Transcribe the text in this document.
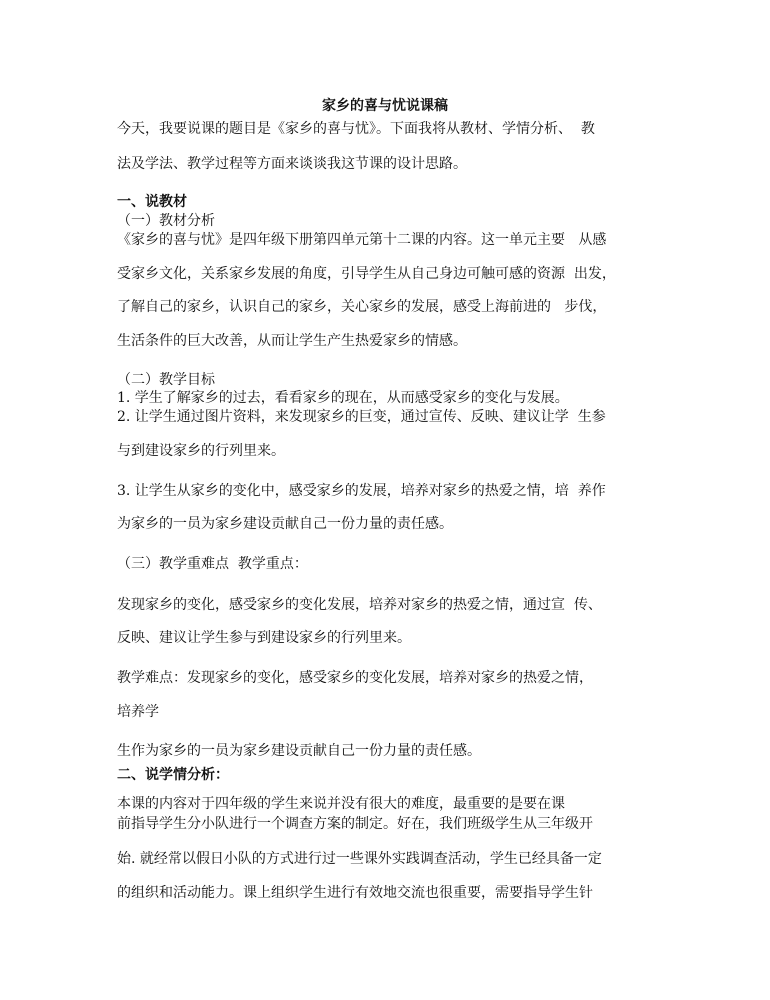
家乡的喜与忧说课稿
今天，我要说课的题目是《家乡的喜与忧》。下面我将从教材、学情分析、  教
法及学法、教学过程等方面来谈谈我这节课的设计思路。
一、说教材
（一）教材分析
《家乡的喜与忧》是四年级下册第四单元第十二课的内容。这一单元主要   从感
受家乡文化，关系家乡发展的角度，引导学生从自己身边可触可感的资源  出发，
了解自己的家乡，认识自己的家乡，关心家乡的发展，感受上海前进的   步伐，
生活条件的巨大改善，从而让学生产生热爱家乡的情感。
（二）教学目标
1. 学生了解家乡的过去，看看家乡的现在，从而感受家乡的变化与发展。
2. 让学生通过图片资料，来发现家乡的巨变，通过宣传、反映、建议让学  生参
与到建设家乡的行列里来。
3. 让学生从家乡的变化中，感受家乡的发展，培养对家乡的热爱之情，培  养作
为家乡的一员为家乡建设贡献自己一份力量的责任感。
（三）教学重难点  教学重点：
发现家乡的变化，感受家乡的变化发展，培养对家乡的热爱之情，通过宣  传、
反映、建议让学生参与到建设家乡的行列里来。
教学难点：发现家乡的变化，感受家乡的变化发展，培养对家乡的热爱之情，
培养学
生作为家乡的一员为家乡建设贡献自己一份力量的责任感。
二、说学情分析：
本课的内容对于四年级的学生来说并没有很大的难度，最重要的是要在课
前指导学生分小队进行一个调查方案的制定。好在，我们班级学生从三年级开
始. 就经常以假日小队的方式进行过一些课外实践调查活动，学生已经具备一定
的组织和活动能力。课上组织学生进行有效地交流也很重要，需要指导学生针
